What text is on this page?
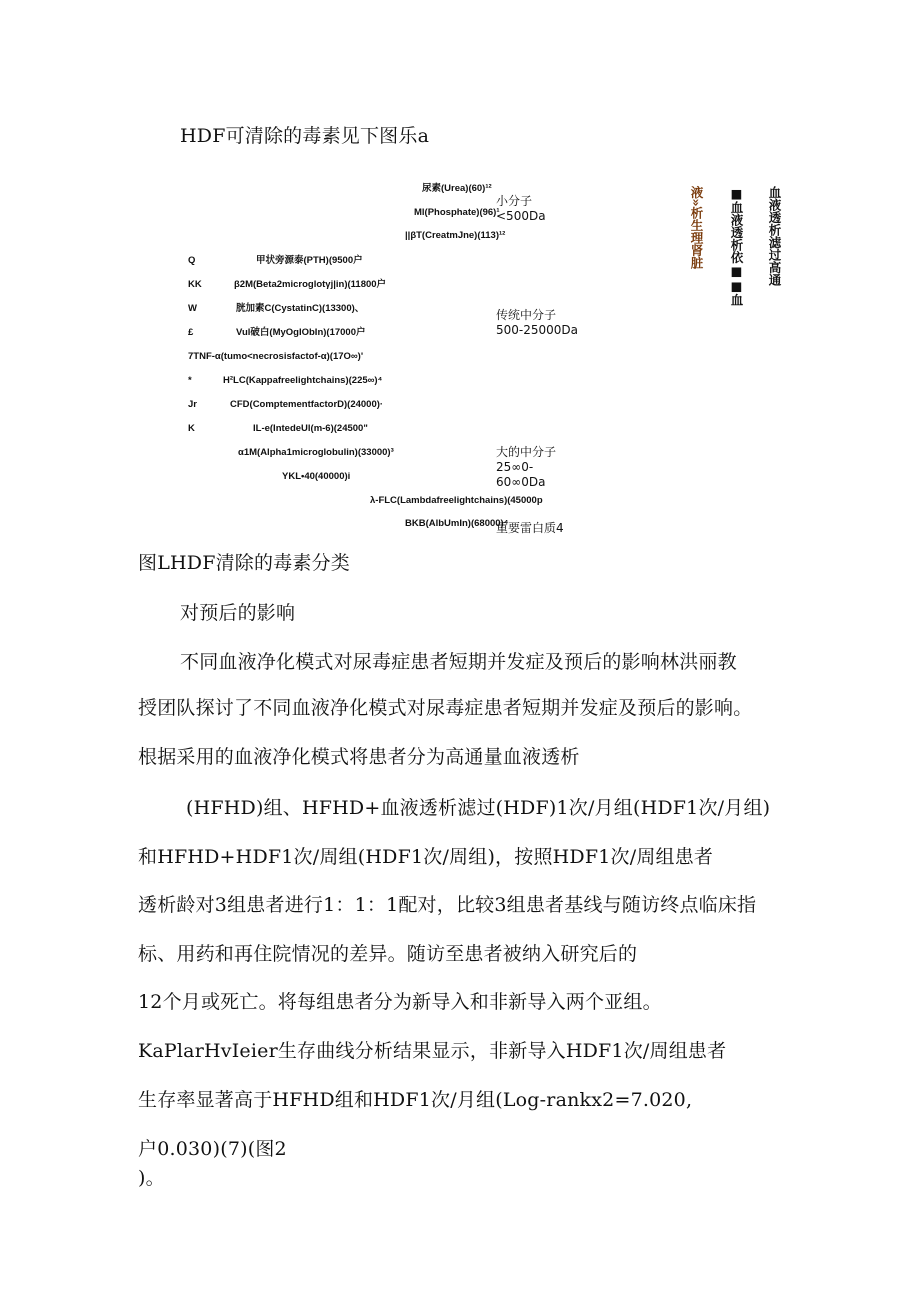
HDF可清除的毒素见下图乐a
尿素(Urea)(60)¹²
Ml(Phosphate)(96)¹
||βT(CreatmJne)(113)¹²
甲状旁源泰(PTH)(9500户
β2M(Beta2microglotγj|in)(11800户
胱加素C(CystatinC)(13300)、
Vul破白(MyOgIObIn)(17000户
7TNF-α(tumo<necrosisfactof-α)(17O∞)'
H²LC(Kappafreelightchains)(225∞)⁴
CFD(ComptementfactorD)(24000)·
IL-e(IntedeUl(m-6)(24500"
α1M(Alpha1microglobulin)(33000)³
YKL•40(40000)i
λ-FLC(Lambdafreelightchains)(45000p
BKB(AlbUmIn)(68000)⁴
Q
KK
W
£
*
Jr
K
小分子
<500Da
传统中分子
500-25000Da
大的中分子
25∞0-
60∞0Da
重要雷白质4
血液透析滤过高通
■血液透析依■■血
液»析生理肾脏
图LHDF清除的毒素分类
对预后的影响
不同血液净化模式对尿毒症患者短期并发症及预后的影响林洪丽教
授团队探讨了不同血液净化模式对尿毒症患者短期并发症及预后的影响。
根据采用的血液净化模式将患者分为高通量血液透析
(HFHD)组、HFHD+血液透析滤过(HDF)1次/月组(HDF1次/月组)
和HFHD+HDF1次/周组(HDF1次/周组)，按照HDF1次/周组患者
透析龄对3组患者进行1：1：1配对，比较3组患者基线与随访终点临床指
标、用药和再住院情况的差异。随访至患者被纳入研究后的
12个月或死亡。将每组患者分为新导入和非新导入两个亚组。
KaPlarHvIeier生存曲线分析结果显示，非新导入HDF1次/周组患者
生存率显著高于HFHD组和HDF1次/月组(Log-rankx2=7.020,
户0.030)(7)(图2
)。
